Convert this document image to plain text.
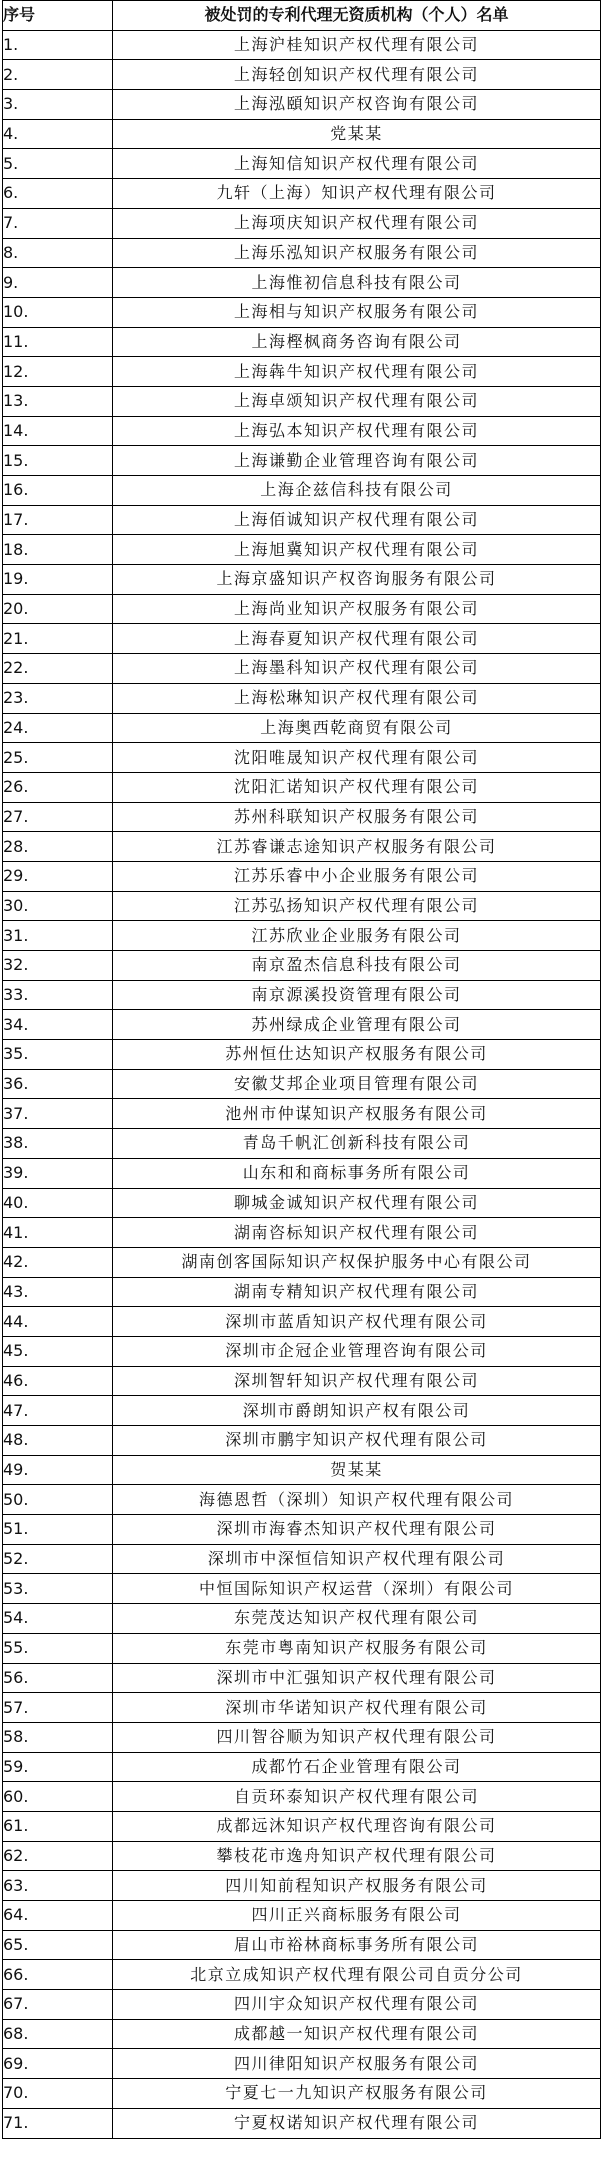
序号	被处罚的专利代理无资质机构（个人）名单
1.	上海沪桂知识产权代理有限公司
2.	上海轻创知识产权代理有限公司
3.	上海泓頤知识产权咨询有限公司
4.	党某某
5.	上海知信知识产权代理有限公司
6.	九轩（上海）知识产权代理有限公司
7.	上海项庆知识产权代理有限公司
8.	上海乐泓知识产权服务有限公司
9.	上海惟初信息科技有限公司
10.	上海相与知识产权服务有限公司
11.	上海樫枫商务咨询有限公司
12.	上海犇牛知识产权代理有限公司
13.	上海卓颂知识产权代理有限公司
14.	上海弘本知识产权代理有限公司
15.	上海谦勤企业管理咨询有限公司
16.	上海企兹信科技有限公司
17.	上海佰诚知识产权代理有限公司
18.	上海旭冀知识产权代理有限公司
19.	上海京盛知识产权咨询服务有限公司
20.	上海尚业知识产权服务有限公司
21.	上海春夏知识产权代理有限公司
22.	上海墨科知识产权代理有限公司
23.	上海松琳知识产权代理有限公司
24.	上海奥西乾商贸有限公司
25.	沈阳唯晟知识产权代理有限公司
26.	沈阳汇诺知识产权代理有限公司
27.	苏州科联知识产权服务有限公司
28.	江苏睿谦志途知识产权服务有限公司
29.	江苏乐睿中小企业服务有限公司
30.	江苏弘扬知识产权代理有限公司
31.	江苏欣业企业服务有限公司
32.	南京盈杰信息科技有限公司
33.	南京源溪投资管理有限公司
34.	苏州绿成企业管理有限公司
35.	苏州恒仕达知识产权服务有限公司
36.	安徽艾邦企业项目管理有限公司
37.	池州市仲谋知识产权服务有限公司
38.	青岛千帆汇创新科技有限公司
39.	山东和和商标事务所有限公司
40.	聊城金诚知识产权代理有限公司
41.	湖南咨标知识产权代理有限公司
42.	湖南创客国际知识产权保护服务中心有限公司
43.	湖南专精知识产权代理有限公司
44.	深圳市蓝盾知识产权代理有限公司
45.	深圳市企冠企业管理咨询有限公司
46.	深圳智轩知识产权代理有限公司
47.	深圳市爵朗知识产权有限公司
48.	深圳市鹏宇知识产权代理有限公司
49.	贺某某
50.	海德恩哲（深圳）知识产权代理有限公司
51.	深圳市海睿杰知识产权代理有限公司
52.	深圳市中深恒信知识产权代理有限公司
53.	中恒国际知识产权运营（深圳）有限公司
54.	东莞茂达知识产权代理有限公司
55.	东莞市粤南知识产权服务有限公司
56.	深圳市中汇强知识产权代理有限公司
57.	深圳市华诺知识产权代理有限公司
58.	四川智谷顺为知识产权代理有限公司
59.	成都竹石企业管理有限公司
60.	自贡环泰知识产权代理有限公司
61.	成都远沐知识产权代理咨询有限公司
62.	攀枝花市逸舟知识产权代理有限公司
63.	四川知前程知识产权服务有限公司
64.	四川正兴商标服务有限公司
65.	眉山市裕林商标事务所有限公司
66.	北京立成知识产权代理有限公司自贡分公司
67.	四川宇众知识产权代理有限公司
68.	成都越一知识产权代理有限公司
69.	四川律阳知识产权服务有限公司
70.	宁夏七一九知识产权服务有限公司
71.	宁夏权诺知识产权代理有限公司
